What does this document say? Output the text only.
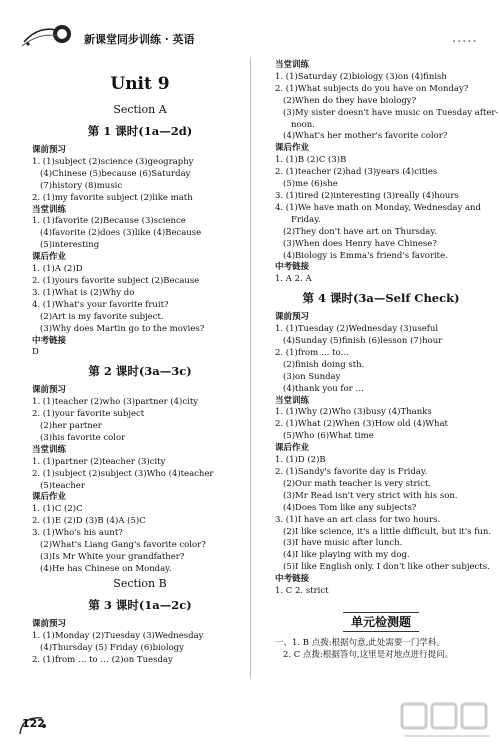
新课堂同步训练 · 英语	•••••
Unit 9
Section A
第 1 课时(1a—2d)
课前预习
1. (1)subject (2)science (3)geography
(4)Chinese (5)because (6)Saturday
(7)history (8)music
2. (1)my favorite subject (2)like math
当堂训练
1. (1)favorite (2)Because (3)science
(4)favorite (2)does (3)like (4)Because
(5)interesting
课后作业
1. (1)A (2)D
2. (1)yours favorite subject (2)Because
3. (1)What is (2)Why do
4. (1)What's your favorite fruit?
(2)Art is my favorite subject.
(3)Why does Martin go to the movies?
中考链接
D
第 2 课时(3a—3c)
课前预习
1. (1)teacher (2)who (3)partner (4)city
2. (1)your favorite subject
(2)her partner
(3)his favorite color
当堂训练
1. (1)partner (2)teacher (3)city
2. (1)subject (2)subject (3)Who (4)teacher
(5)teacher
课后作业
1. (1)C (2)C
2. (1)E (2)D (3)B (4)A (5)C
3. (1)Who's his aunt?
(2)What's Liang Gang's favorite color?
(3)Is Mr White your grandfather?
(4)He has Chinese on Monday.
Section B
第 3 课时(1a—2c)
课前预习
1. (1)Monday (2)Tuesday (3)Wednesday
(4)Thursday (5) Friday (6)biology
2. (1)from … to … (2)on Tuesday
当堂训练
1. (1)Saturday (2)biology (3)on (4)finish
2. (1)What subjects do you have on Monday?
(2)When do they have biology?
(3)My sister doesn't have music on Tuesday after-
noon.
(4)What's her mother's favorite color?
课后作业
1. (1)B (2)C (3)B
2. (1)teacher (2)had (3)years (4)cities
(5)me (6)she
3. (1)tired (2)interesting (3)really (4)hours
4. (1)We have math on Monday, Wednesday and
Friday.
(2)They don't have art on Thursday.
(3)When does Henry have Chinese?
(4)Biology is Emma's friend's favorite.
中考链接
1. A 2. A
第 4 课时(3a—Self Check)
课前预习
1. (1)Tuesday (2)Wednesday (3)useful
(4)Sunday (5)finish (6)lesson (7)hour
2. (1)from … to…
(2)finish doing sth.
(3)on Sunday
(4)thank you for …
当堂训练
1. (1)Why (2)Who (3)busy (4)Thanks
2. (1)What (2)When (3)How old (4)What
(5)Who (6)What time
课后作业
1. (1)D (2)B
2. (1)Sandy's favorite day is Friday.
(2)Our math teacher is very strict.
(3)Mr Read isn't very strict with his son.
(4)Does Tom like any subjects?
3. (1)I have an art class for two hours.
(2)I like science, it's a little difficult, but it's fun.
(3)I have music after lunch.
(4)I like playing with my dog.
(5)I like English only. I don't like other subjects.
中考链接
1. C 2. strict
单元检测题
一、1. B 点拨:根据句意,此处需要一门学科。
2. C 点拨:根据答句,这里是对地点进行提问。
122
